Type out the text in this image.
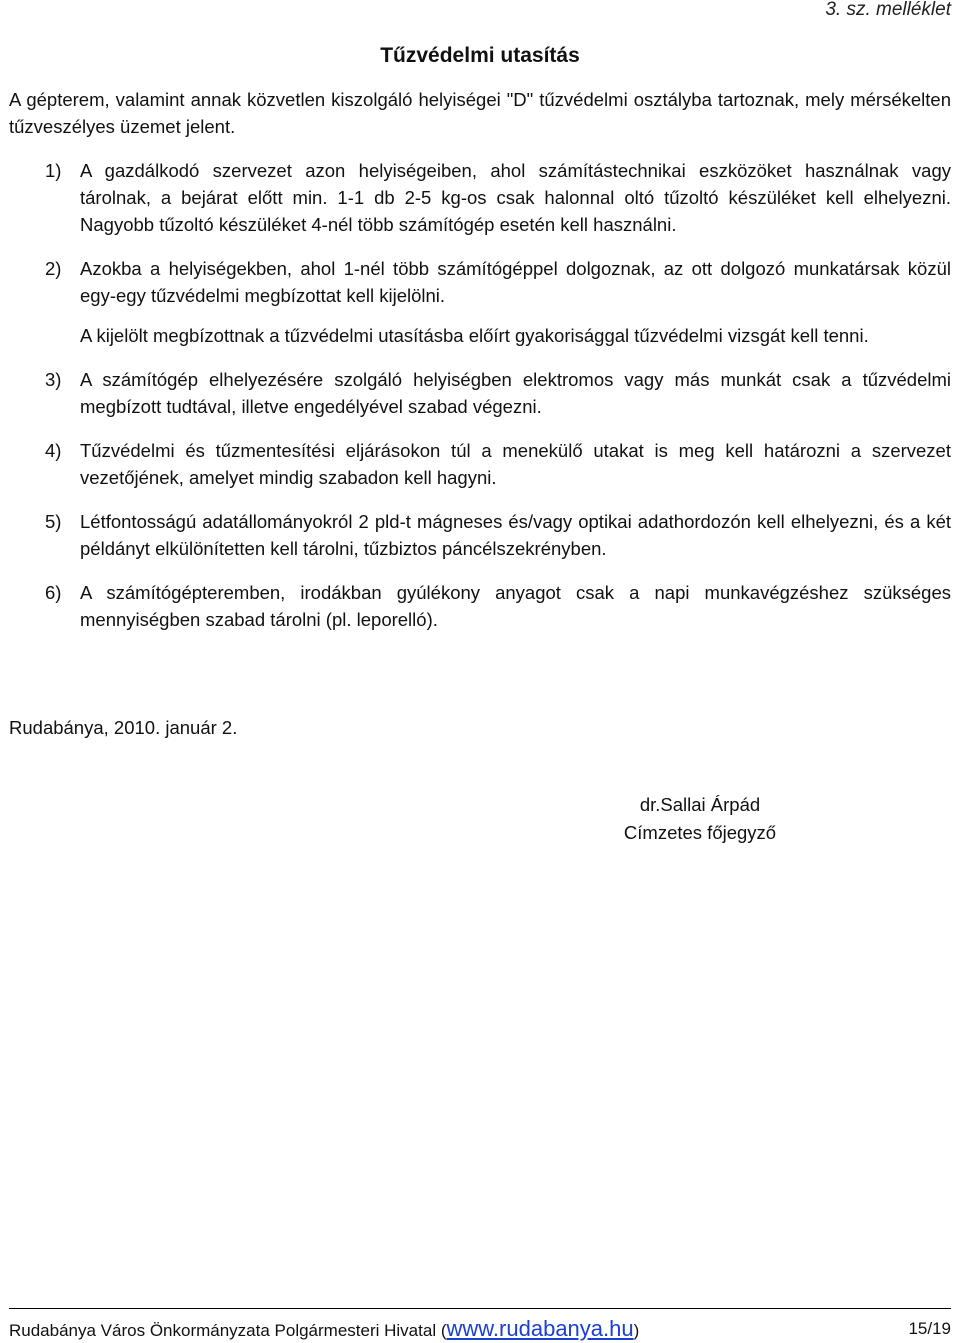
3. sz. melléklet
Tűzvédelmi utasítás
A gépterem, valamint annak közvetlen kiszolgáló helyiségei "D" tűzvédelmi osztályba tartoznak, mely mérsékelten tűzveszélyes üzemet jelent.
1)	A gazdálkodó szervezet azon helyiségeiben, ahol számítástechnikai eszközöket használnak vagy tárolnak, a bejárat előtt min. 1-1 db 2-5 kg-os csak halonnal oltó tűzoltó készüléket kell elhelyezni. Nagyobb tűzoltó készüléket 4-nél több számítógép esetén kell használni.

2)	Azokba a helyiségekben, ahol 1-nél több számítógéppel dolgoznak, az ott dolgozó munkatársak közül egy-egy tűzvédelmi megbízottat kell kijelölni.

A kijelölt megbízottnak a tűzvédelmi utasításba előírt gyakorisággal tűzvédelmi vizsgát kell tenni.

3)	A számítógép elhelyezésére szolgáló helyiségben elektromos vagy más munkát csak a tűzvédelmi megbízott tudtával, illetve engedélyével szabad végezni.

4)	Tűzvédelmi és tűzmentesítési eljárásokon túl a menekülő utakat is meg kell határozni a szervezet vezetőjének, amelyet mindig szabadon kell hagyni.

5)	Létfontosságú adatállományokról 2 pld-t mágneses és/vagy optikai adathordozón kell elhelyezni, és a két példányt elkülönítetten kell tárolni, tűzbiztos páncélszekrényben.

6)	A számítógépteremben, irodákban gyúlékony anyagot csak a napi munkavégzéshez szükséges mennyiségben szabad tárolni (pl. leporelló).

Rudabánya, 2010. január 2.
dr.Sallai Árpád
Címzetes főjegyző
Rudabánya Város Önkormányzata Polgármesteri Hivatal (www.rudabanya.hu)	15/19
